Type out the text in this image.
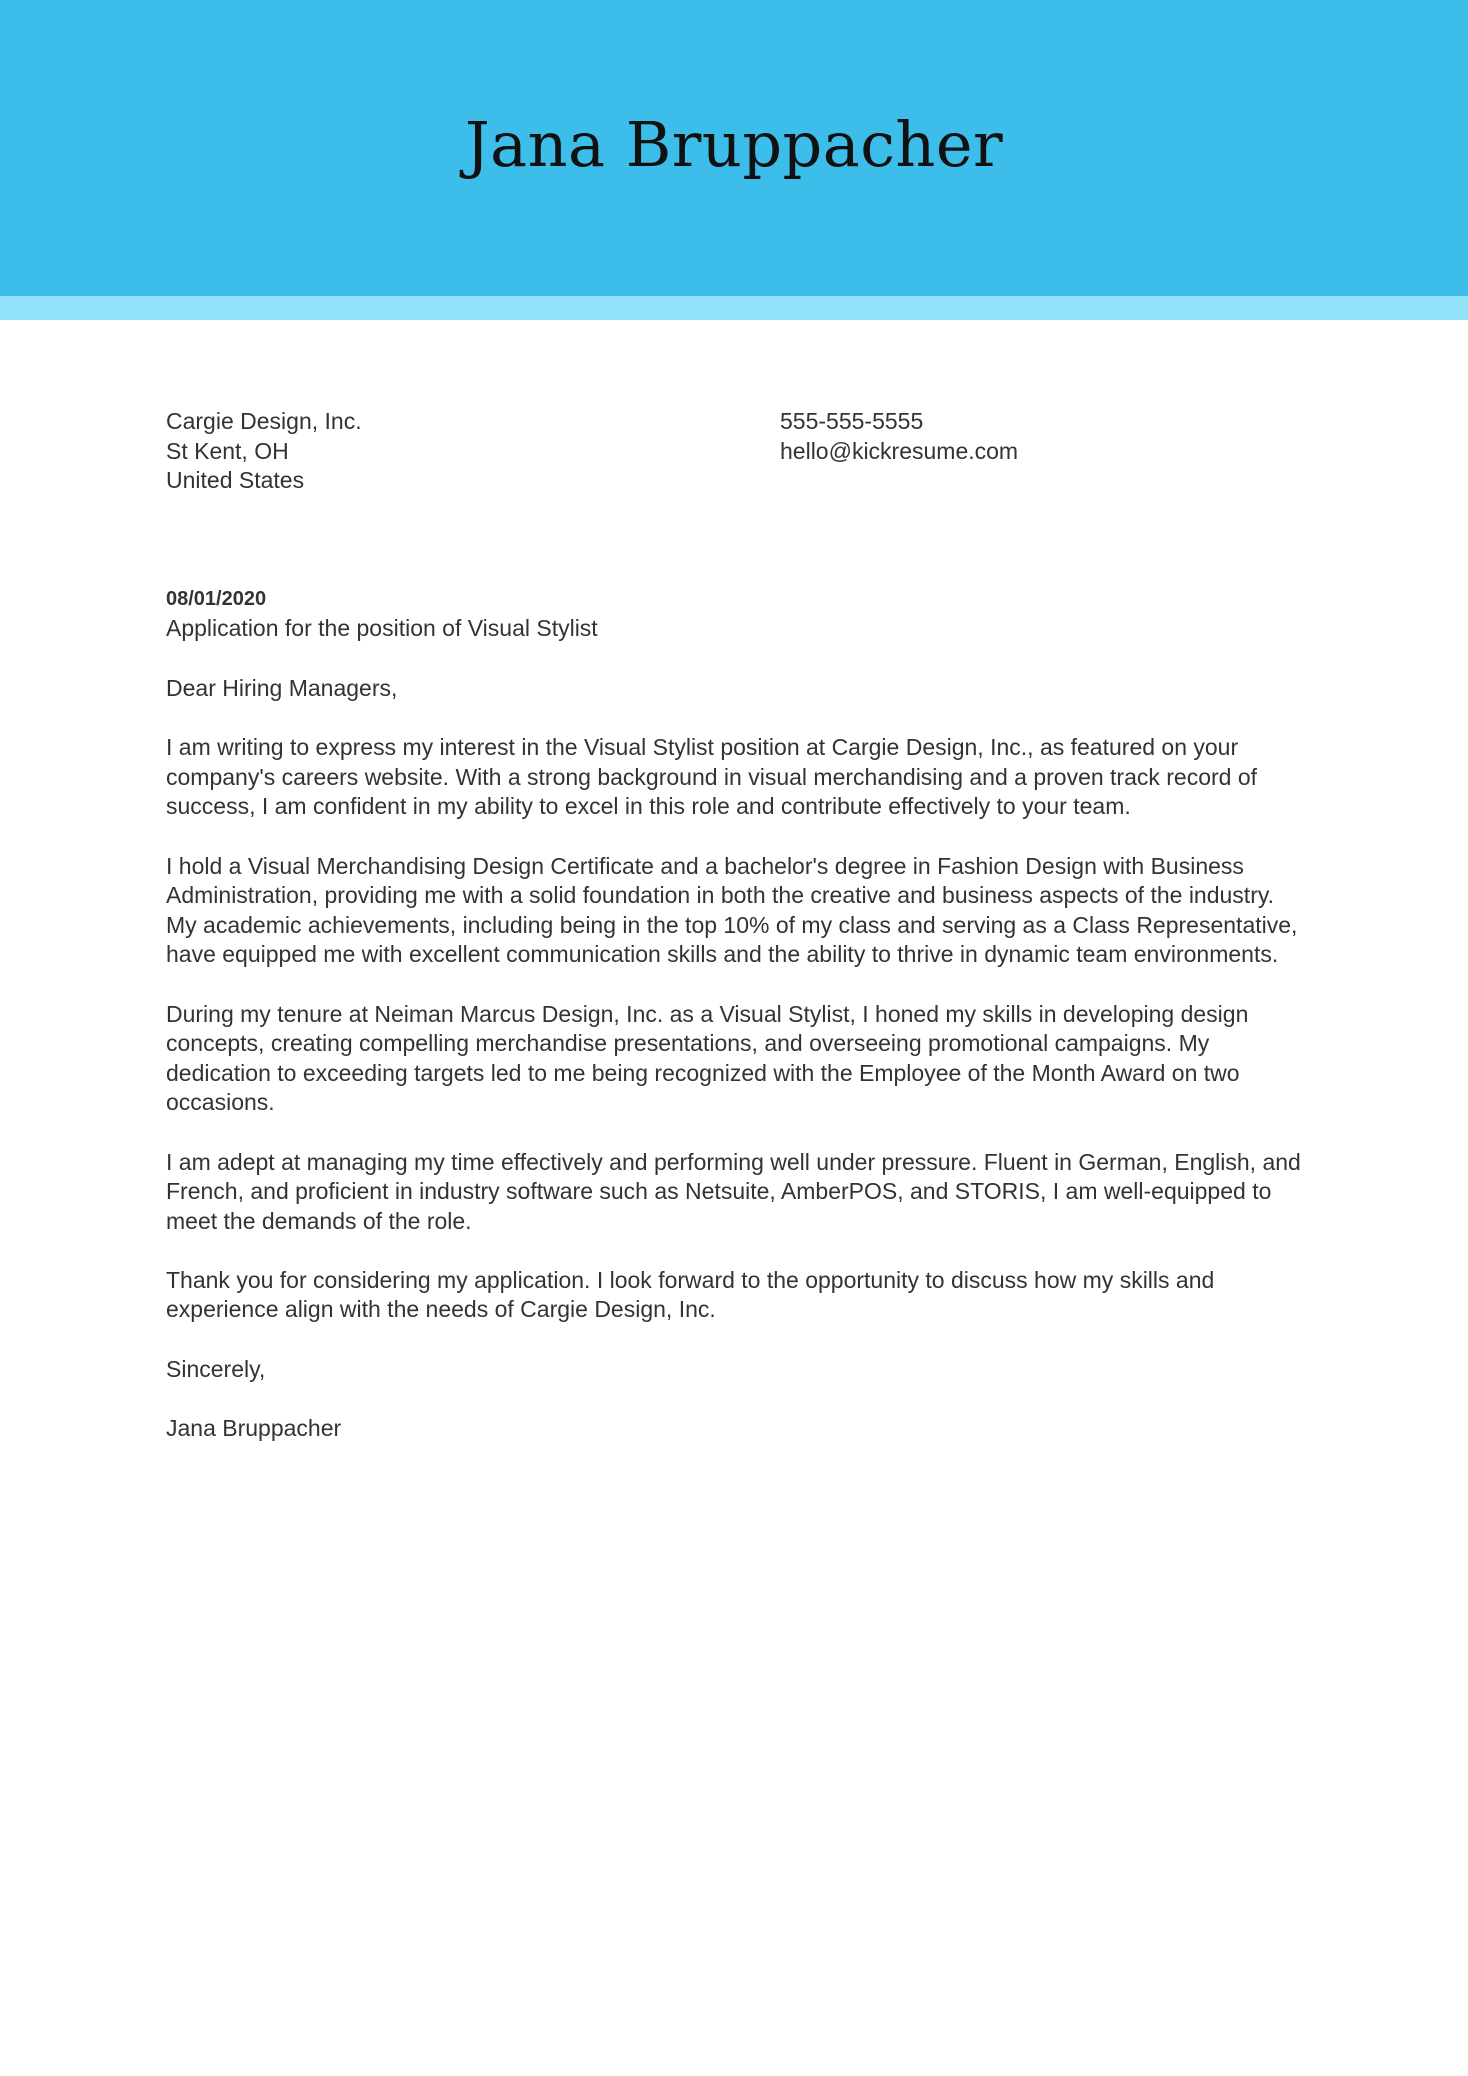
Jana Bruppacher
Cargie Design, Inc.
St Kent, OH
United States
555-555-5555
hello@kickresume.com
08/01/2020
Application for the position of Visual Stylist

Dear Hiring Managers,

I am writing to express my interest in the Visual Stylist position at Cargie Design, Inc., as featured on your
company's careers website. With a strong background in visual merchandising and a proven track record of
success, I am confident in my ability to excel in this role and contribute effectively to your team.

I hold a Visual Merchandising Design Certificate and a bachelor's degree in Fashion Design with Business
Administration, providing me with a solid foundation in both the creative and business aspects of the industry.
My academic achievements, including being in the top 10% of my class and serving as a Class Representative,
have equipped me with excellent communication skills and the ability to thrive in dynamic team environments.

During my tenure at Neiman Marcus Design, Inc. as a Visual Stylist, I honed my skills in developing design
concepts, creating compelling merchandise presentations, and overseeing promotional campaigns. My
dedication to exceeding targets led to me being recognized with the Employee of the Month Award on two
occasions.

I am adept at managing my time effectively and performing well under pressure. Fluent in German, English, and
French, and proficient in industry software such as Netsuite, AmberPOS, and STORIS, I am well-equipped to
meet the demands of the role.

Thank you for considering my application. I look forward to the opportunity to discuss how my skills and
experience align with the needs of Cargie Design, Inc.

Sincerely,

Jana Bruppacher
